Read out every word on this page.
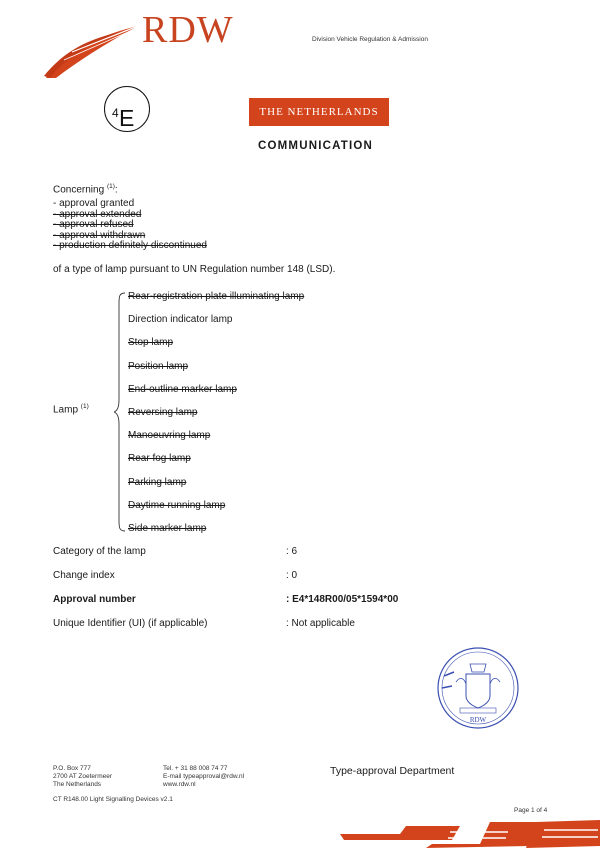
RDW	Division Vehicle Regulation & Admission
E
4	THE NETHERLANDS
COMMUNICATION
Concerning $^{(1)}$:
- approval granted
- approval extended
- approval refused
- approval withdrawn
- production definitely discontinued
of a type of lamp pursuant to UN Regulation number 148 (LSD).
Lamp $^{(1)}$
Rear-registration plate illuminating lamp
Direction indicator lamp
Stop lamp
Position lamp
End-outline marker lamp
Reversing lamp
Manoeuvring lamp
Rear fog lamp
Parking lamp
Daytime running lamp
Side marker lamp
Category of the lamp	: 6
Change index	: 0
Approval number	: E4*148R00/05*1594*00
Unique Identifier (UI) (if applicable)	: Not applicable
RDW
P.O. Box 777
2700 AT Zoetermeer
The Netherlands
Tel. + 31 88 008 74 77
E-mail typeapproval@rdw.nl
www.rdw.nl
Type-approval Department
CT R148.00 Light Signalling Devices v2.1
Page 1 of 4
